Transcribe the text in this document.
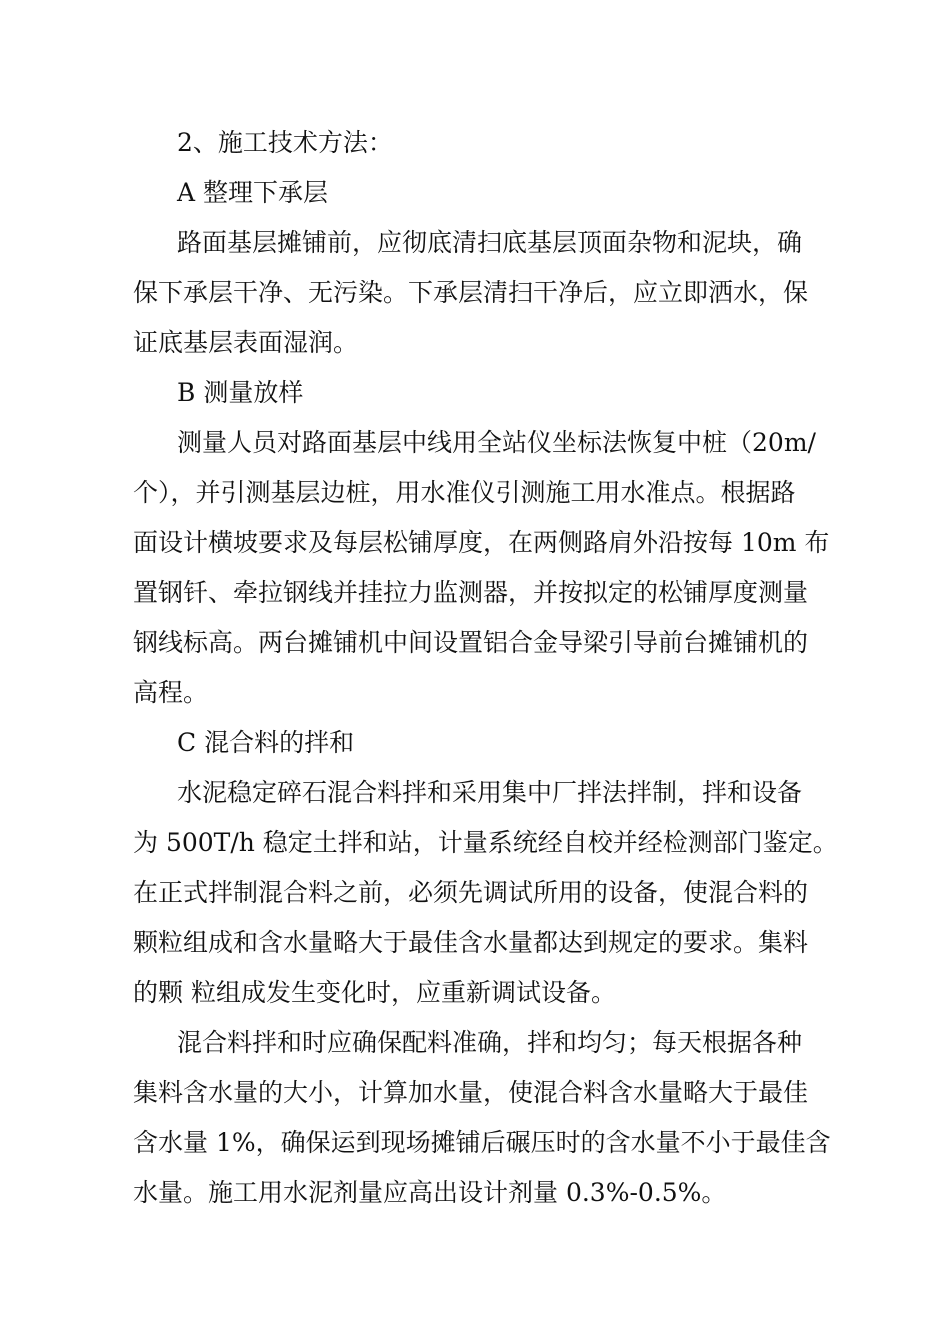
2、施工技术方法：

A 整理下承层

路面基层摊铺前，应彻底清扫底基层顶面杂物和泥块，确
保下承层干净、无污染。下承层清扫干净后，应立即洒水，保
证底基层表面湿润。

B 测量放样

测量人员对路面基层中线用全站仪坐标法恢复中桩（20m/
个），并引测基层边桩，用水准仪引测施工用水准点。根据路
面设计横坡要求及每层松铺厚度，在两侧路肩外沿按每 10m 布
置钢钎、牵拉钢线并挂拉力监测器，并按拟定的松铺厚度测量
钢线标高。两台摊铺机中间设置铝合金导梁引导前台摊铺机的
高程。

C 混合料的拌和

水泥稳定碎石混合料拌和采用集中厂拌法拌制，拌和设备
为 500T/h 稳定土拌和站，计量系统经自校并经检测部门鉴定。
在正式拌制混合料之前，必须先调试所用的设备，使混合料的
颗粒组成和含水量略大于最佳含水量都达到规定的要求。集料
的颗 粒组成发生变化时，应重新调试设备。

混合料拌和时应确保配料准确，拌和均匀；每天根据各种
集料含水量的大小，计算加水量，使混合料含水量略大于最佳
含水量 1%，确保运到现场摊铺后碾压时的含水量不小于最佳含
水量。施工用水泥剂量应高出设计剂量 0.3%-0.5%。
